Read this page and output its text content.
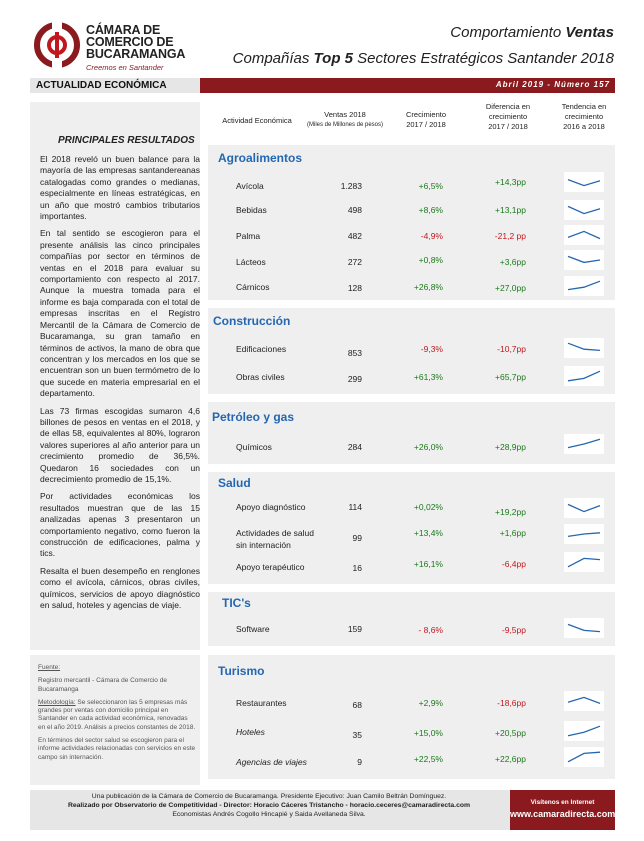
CÁMARA DE
COMERCIO DE
BUCARAMANGA
Creemos en Santander
Comportamiento Ventas
Compañías Top 5 Sectores Estratégicos Santander 2018
ACTUALIDAD ECONÓMICA	Abril 2019 - Número 157
PRINCIPALES RESULTADOS

El 2018 reveló un buen balance para la mayoría de las empresas santandereanas catalogadas como grandes o medianas, especialmente en líneas estratégicas, en un año que mostró cambios tributarios importantes.

En tal sentido se escogieron para el presente análisis las cinco principales compañías por sector en términos de ventas en el 2018 para evaluar su comportamiento con respecto al 2017. Aunque la muestra tomada para el informe es baja comparada con el total de empresas inscritas en el Registro Mercantil de la Cámara de Comercio de Bucaramanga, su gran tamaño en términos de activos, la mano de obra que concentran y los mercados en los que se encuentran son un buen termómetro de lo que sucede en materia empresarial en el departamento.

Las 73 firmas escogidas sumaron 4,6 billones de pesos en ventas en el 2018, y de ellas 58, equivalentes al 80%, lograron valores superiores al año anterior para un crecimiento promedio de 36,5%. Quedaron 16 sociedades con un decrecimiento promedio de 15,1%.

Por actividades económicas los resultados muestran que de las 15 analizadas apenas 3 presentaron un comportamiento negativo, como fueron la construcción de edificaciones, palma y tics.

Resalta el buen desempeño en renglones como el avícola, cárnicos, obras civiles, químicos, servicios de apoyo diagnóstico en salud, hoteles y agencias de viaje.

Fuente:

Registro mercantil - Cámara de Comercio de Bucaramanga

Metodología: Se seleccionaron las 5 empresas más grandes por ventas con domicilio principal en Santander en cada actividad económica, renovadas en el año 2019. Análisis a precios constantes de 2018.

En términos del sector salud se escogieron para el informe actividades relacionadas con servicios en este campo sin internación.

Actividad Económica
Ventas 2018
(Miles de Millones de pesos)
Crecimiento
2017 / 2018
Diferencia en
crecimiento
2017 / 2018
Tendencia en
crecimiento
2016 a 2018
Agroalimentos
Avícola	1.283	+6,5%	+14,3pp
Bebidas	498	+8,6%	+13,1pp
Palma	482	-4,9%	-21,2 pp
Lácteos	272	+0,8%	+3,6pp
Cárnicos	128	+26,8%	+27,0pp
Construcción
Edificaciones	853	-9,3%	-10,7pp
Obras civiles	299	+61,3%	+65,7pp
Petróleo y gas
Químicos	284	+26,0%	+28,9pp
Salud
Apoyo diagnóstico	114	+0,02%	+19,2pp
Actividades de salud
sin internación
99	+13,4%	+1,6pp
Apoyo terapéutico	16	+16,1%	-6,4pp
TIC's
Software	159	- 8,6%	-9,5pp
Turismo
Restaurantes	68	+2,9%	-18,6pp
Hoteles	35	+15,0%	+20,5pp
Agencias de viajes	9	+22,5%	+22,6pp
Una publicación de la Cámara de Comercio de Bucaramanga. Presidente Ejecutivo: Juan Camilo Beltrán Domínguez.
Realizado por Observatorio de Competitividad - Director: Horacio Cáceres Tristancho - horacio.ceceres@camaradirecta.com
Economistas Andrés Cogollo Hincapié y Saida Avellaneda Silva.
Visítenos en Internet
www.camaradirecta.com
